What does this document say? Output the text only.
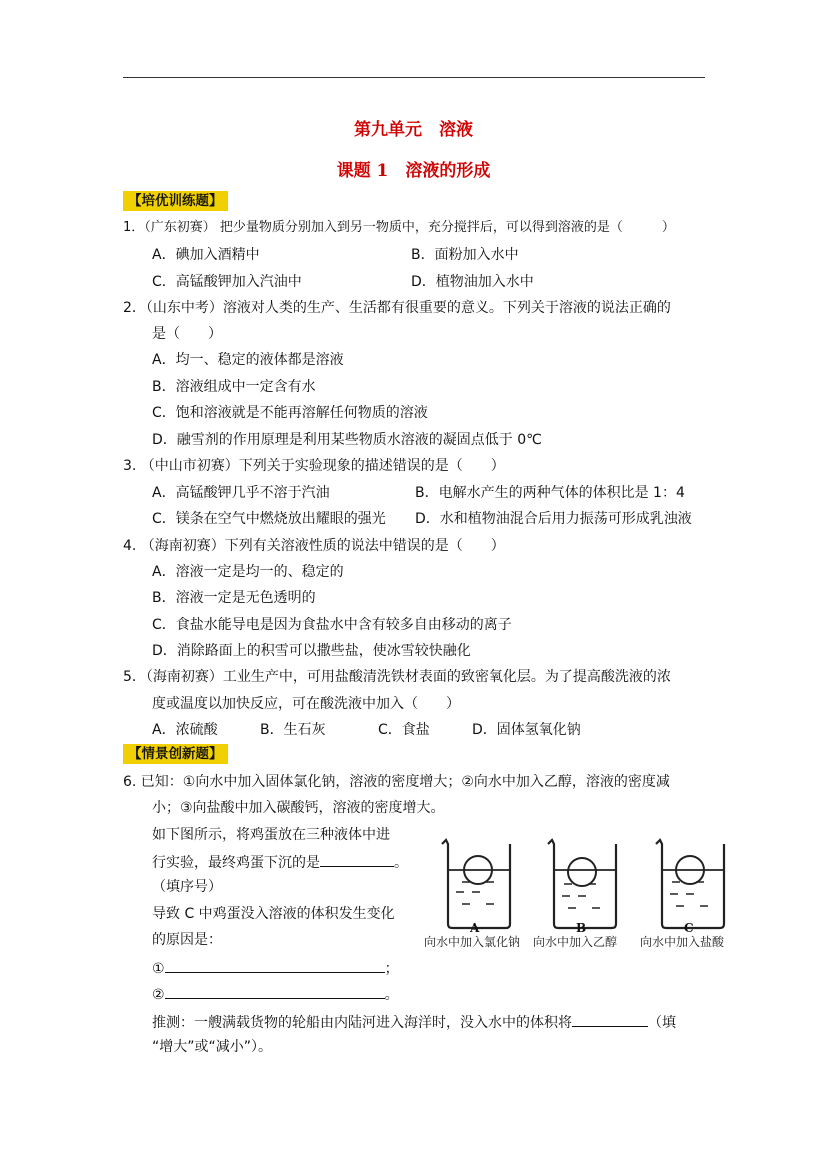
第九单元　溶液
课题 1　溶液的形成
【培优训练题】
1．（广东初赛） 把少量物质分别加入到另一物质中，充分搅拌后，可以得到溶液的是（　　　）
A．碘加入酒精中	B．面粉加入水中
C．高锰酸钾加入汽油中	D．植物油加入水中
2．（山东中考）溶液对人类的生产、生活都有很重要的意义。下列关于溶液的说法正确的
是（　　）
A．均一、稳定的液体都是溶液
B．溶液组成中一定含有水
C．饱和溶液就是不能再溶解任何物质的溶液
D．融雪剂的作用原理是利用某些物质水溶液的凝固点低于 0℃
3. （中山市初赛）下列关于实验现象的描述错误的是（　　）
A．高锰酸钾几乎不溶于汽油	B．电解水产生的两种气体的体积比是 1：4
C．镁条在空气中燃烧放出耀眼的强光 D．水和植物油混合后用力振荡可形成乳浊液
4. （海南初赛）下列有关溶液性质的说法中错误的是（　　）
A．溶液一定是均一的、稳定的
B．溶液一定是无色透明的
C．食盐水能导电是因为食盐水中含有较多自由移动的离子
D．消除路面上的积雪可以撒些盐，使冰雪较快融化
5．（海南初赛）工业生产中，可用盐酸清洗铁材表面的致密氧化层。为了提高酸洗液的浓
度或温度以加快反应，可在酸洗液中加入（　　）
A．浓硫酸	B．生石灰	C．食盐	D．固体氢氧化钠
【情景创新题】
6. 已知：①向水中加入固体氯化钠，溶液的密度增大；②向水中加入乙醇，溶液的密度减
小；③向盐酸中加入碳酸钙，溶液的密度增大。
如下图所示，将鸡蛋放在三种液体中进
行实验，最终鸡蛋下沉的是	。
（填序号）
导致 C 中鸡蛋没入溶液的体积发生变化
的原因是：
①	；
②	。
推测：一艘满载货物的轮船由内陆河进入海洋时，没入水中的体积将	（填
“增大”或“减小”）。
A	B	C
向水中加入氯化钠 向水中加入乙醇 向水中加入盐酸
